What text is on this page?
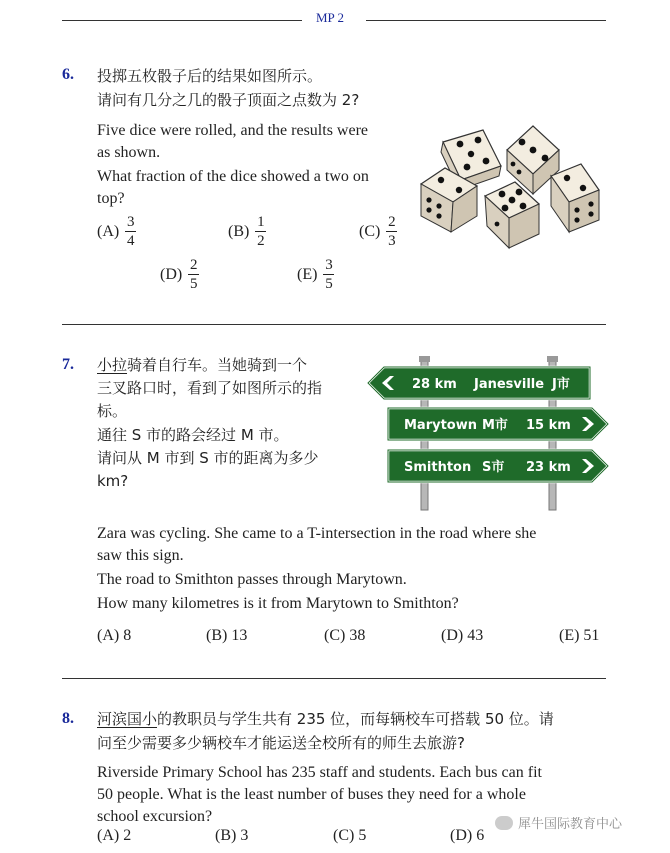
MP 2
6. 投掷五枚骰子后的结果如图所示。
请问有几分之几的骰子顶面之点数为 2?
Five dice were rolled, and the results were
as shown.
What fraction of the dice showed a two on
top?
$(A) \frac{3}{4}$	$(B) \frac{1}{2}$	$(C) \frac{2}{3}$
$(D) \frac{2}{5}$	$(E) \frac{3}{5}$
7. 小拉骑着自行车。当她骑到一个
三叉路口时，看到了如图所示的指
标。
通往 S 市的路会经过 M 市。
请问从 M 市到 S 市的距离为多少
km?
28 km Janesville J市
Marytown M市 15 km
Smithton S市 23 km
Zara was cycling. She came to a T-intersection in the road where she
saw this sign.
The road to Smithton passes through Marytown.
How many kilometres is it from Marytown to Smithton?
(A) 8	(B) 13	(C) 38	(D) 43	(E) 51
8. 河滨国小的教职员与学生共有 235 位，而每辆校车可搭载 50 位。请
问至少需要多少辆校车才能运送全校所有的师生去旅游?
Riverside Primary School has 235 staff and students. Each bus can fit
50 people. What is the least number of buses they need for a whole
school excursion?
(A) 2	(B) 3	(C) 5	(D) 6
犀牛国际教育中心
